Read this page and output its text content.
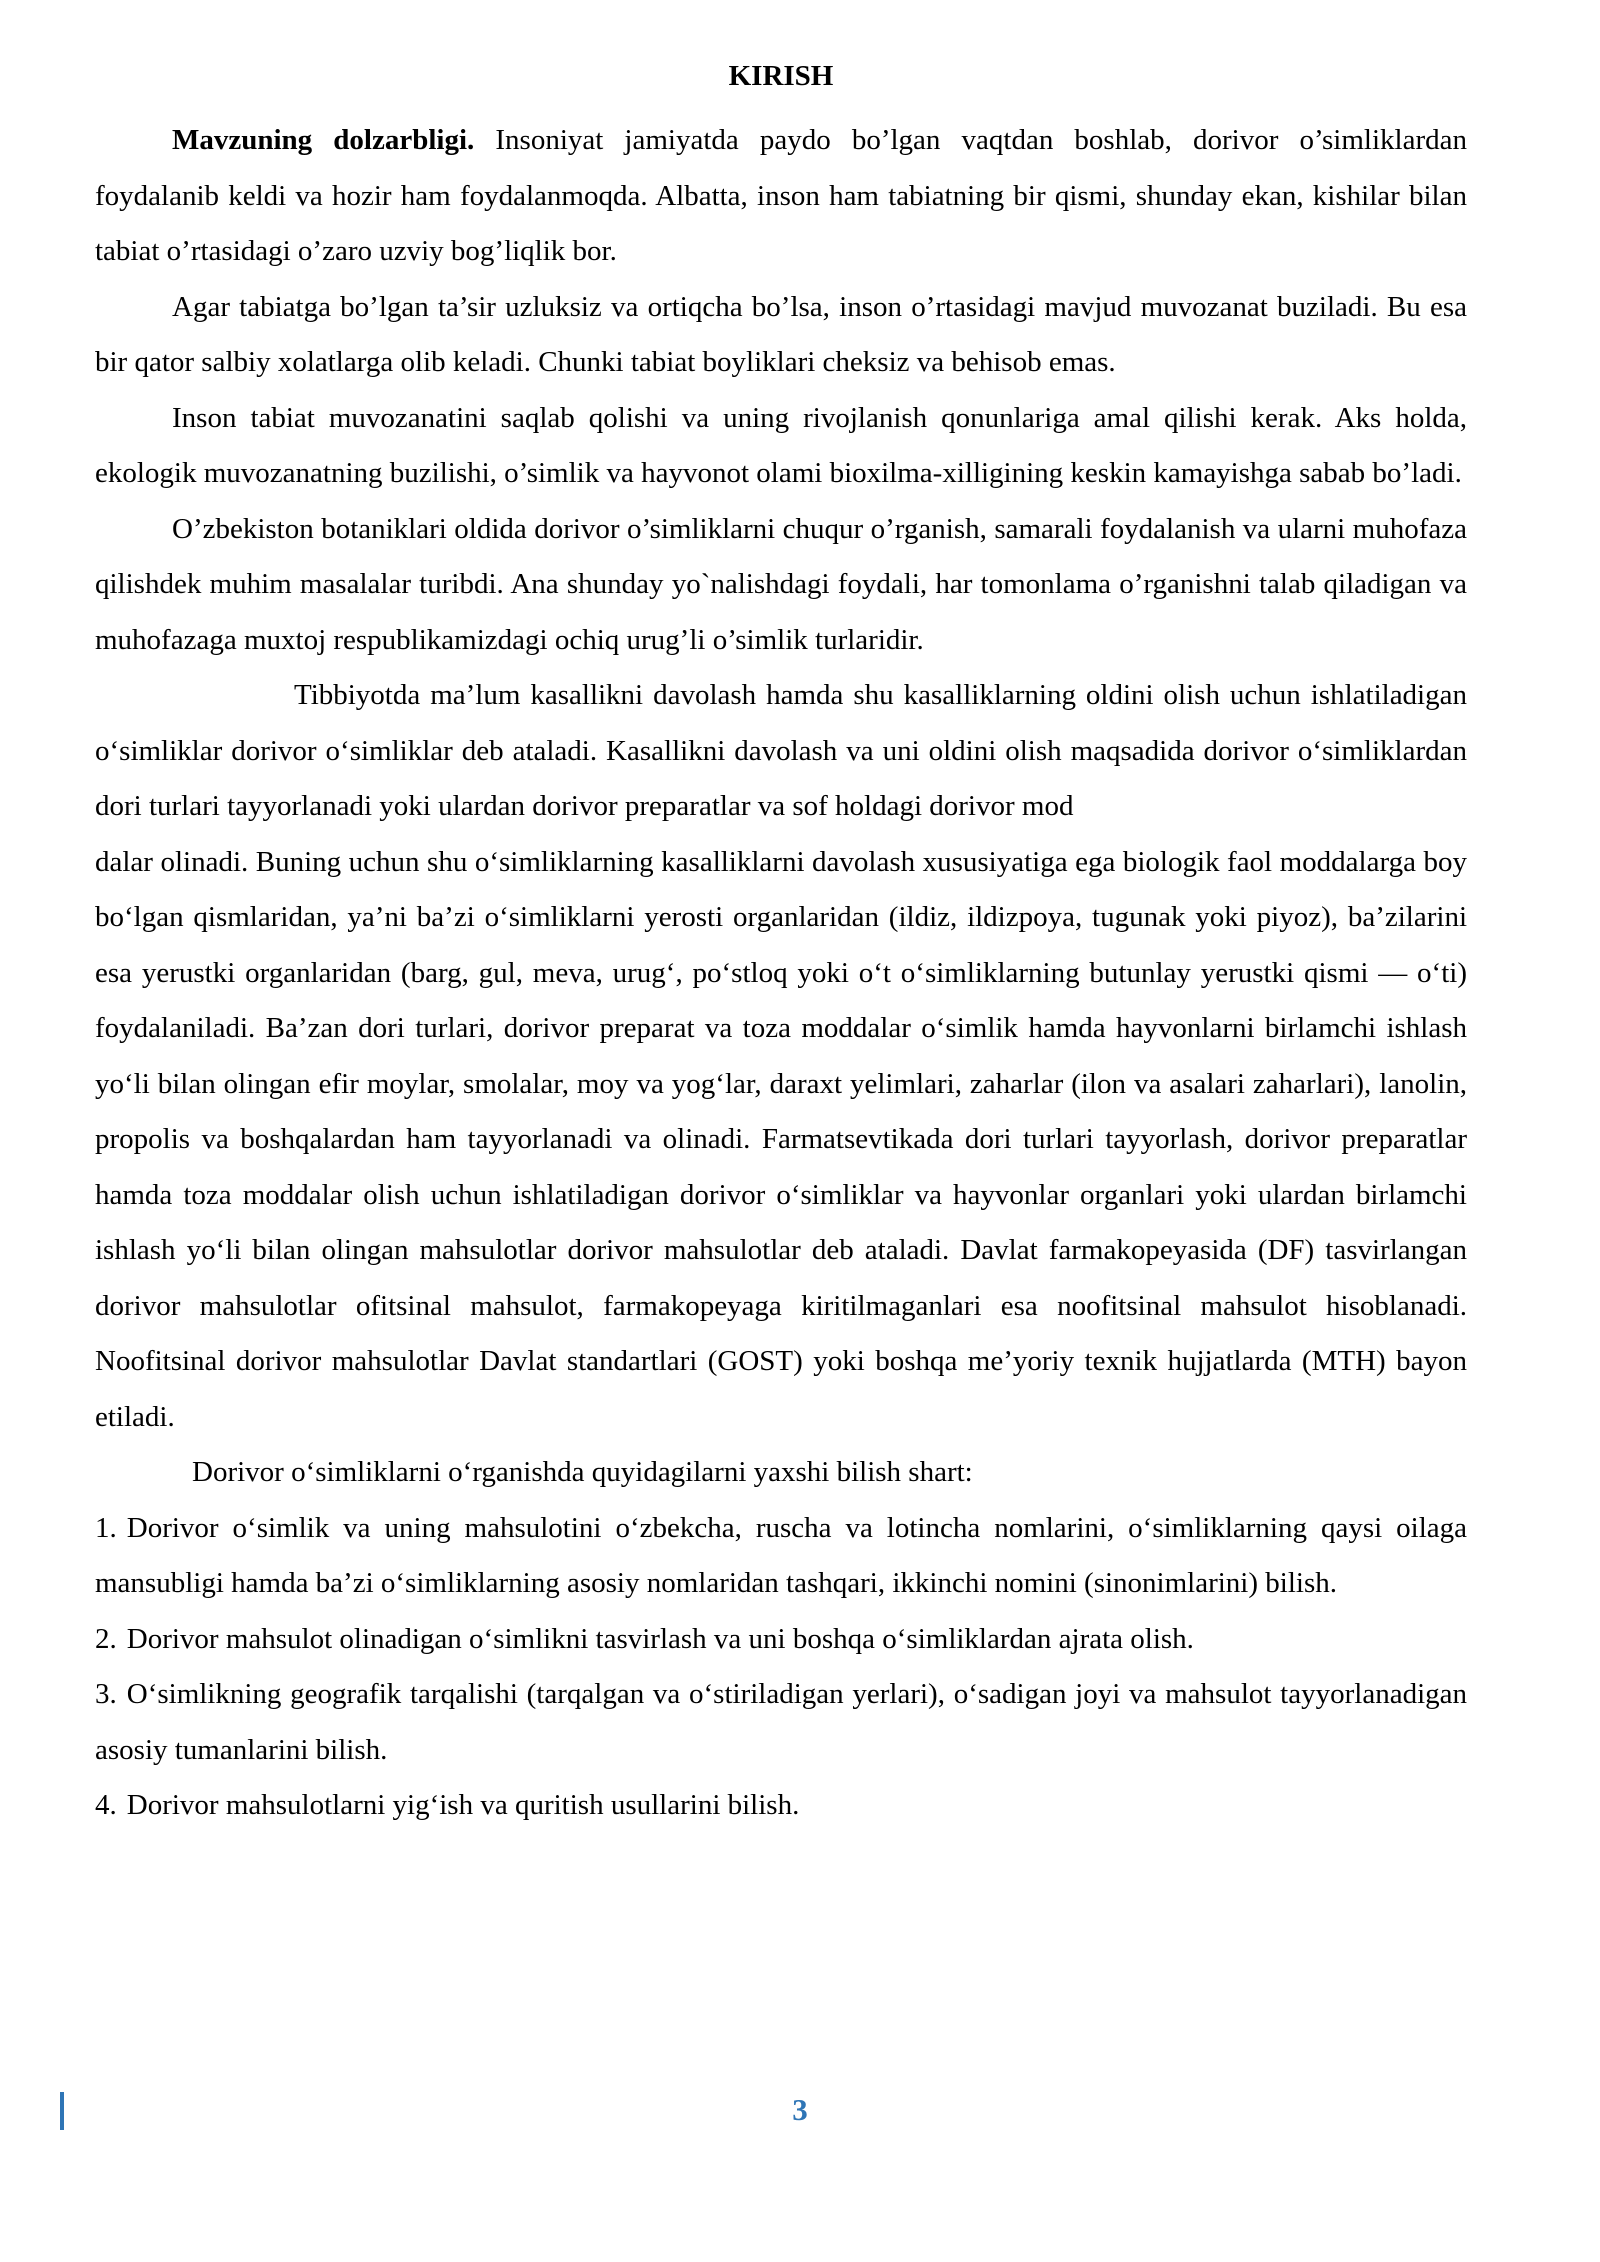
KIRISH

Mavzuning dolzarbligi. Insoniyat jamiyatda paydo bo’lgan vaqtdan boshlab, dorivor o’simliklardan foydalanib keldi va hozir ham foydalanmoqda. Albatta, inson ham tabiatning bir qismi, shunday ekan, kishilar bilan tabiat o’rtasidagi o’zaro uzviy bog’liqlik bor.

Agar tabiatga bo’lgan ta’sir uzluksiz va ortiqcha bo’lsa, inson o’rtasidagi mavjud muvozanat buziladi. Bu esa bir qator salbiy xolatlarga olib keladi. Chunki tabiat boyliklari cheksiz va behisob emas.

Inson tabiat muvozanatini saqlab qolishi va uning rivojlanish qonunlariga amal qilishi kerak. Aks holda, ekologik muvozanatning buzilishi, o’simlik va hayvonot olami bioxilma-xilligining keskin kamayishga sabab bo’ladi.

O’zbekiston botaniklari oldida dorivor o’simliklarni chuqur o’rganish, samarali foydalanish va ularni muhofaza qilishdek muhim masalalar turibdi. Ana shunday yo`nalishdagi foydali, har tomonlama o’rganishni talab qiladigan va muhofazaga muxtoj respublikamizdagi ochiq urug’li o’simlik turlaridir.

Tibbiyotda ma’lum kasallikni davolash hamda shu kasalliklarning oldini olish uchun ishlatiladigan o‘simliklar dorivor o‘simliklar deb ataladi. Kasallikni davolash va uni oldini olish maqsadida dorivor o‘simliklardan dori turlari tayyorlanadi yoki ulardan dorivor preparatlar va sof holdagi dorivor mod

dalar olinadi. Buning uchun shu o‘simliklarning kasalliklarni davolash xususiyatiga ega biologik faol moddalarga boy bo‘lgan qismlaridan, ya’ni ba’zi o‘simliklarni yerosti organlaridan (ildiz, ildizpoya, tugunak yoki piyoz), ba’zilarini esa yerustki organlaridan (barg, gul, meva, urug‘, po‘stloq yoki o‘t o‘simliklarning butunlay yerustki qismi — o‘ti) foydalaniladi. Ba’zan dori turlari, dorivor preparat va toza moddalar o‘simlik hamda hayvonlarni birlamchi ishlash yo‘li bilan olingan efir moylar, smolalar, moy va yog‘lar, daraxt yelimlari, zaharlar (ilon va asalari zaharlari), lanolin, propolis va boshqalardan ham tayyorlanadi va olinadi. Farmatsevtikada dori turlari tayyorlash, dorivor preparatlar hamda toza moddalar olish uchun ishlatiladigan dorivor o‘simliklar va hayvonlar organlari yoki ulardan birlamchi ishlash yo‘li bilan olingan mahsulotlar dorivor mahsulotlar deb ataladi. Davlat farmakopeyasida (DF) tasvirlangan dorivor mahsulotlar ofitsinal mahsulot, farmakopeyaga kiritilmaganlari esa noofitsinal mahsulot hisoblanadi. Noofitsinal dorivor mahsulotlar Davlat standartlari (GOST) yoki boshqa me’yoriy texnik hujjatlarda (MTH) bayon etiladi.

Dorivor o‘simliklarni o‘rganishda quyidagilarni yaxshi bilish shart:

1. Dorivor o‘simlik va uning mahsulotini o‘zbekcha, ruscha va lotincha nomlarini, o‘simliklarning qaysi oilaga mansubligi hamda ba’zi o‘simliklarning asosiy nomlaridan tashqari, ikkinchi nomini (sinonimlarini) bilish.

2. Dorivor mahsulot olinadigan o‘simlikni tasvirlash va uni boshqa o‘simliklardan ajrata olish.

3. O‘simlikning geografik tarqalishi (tarqalgan va o‘stiriladigan yerlari), o‘sadigan joyi va mahsulot tayyorlanadigan asosiy tumanlarini bilish.

4. Dorivor mahsulotlarni yig‘ish va quritish usullarini bilish.

3
